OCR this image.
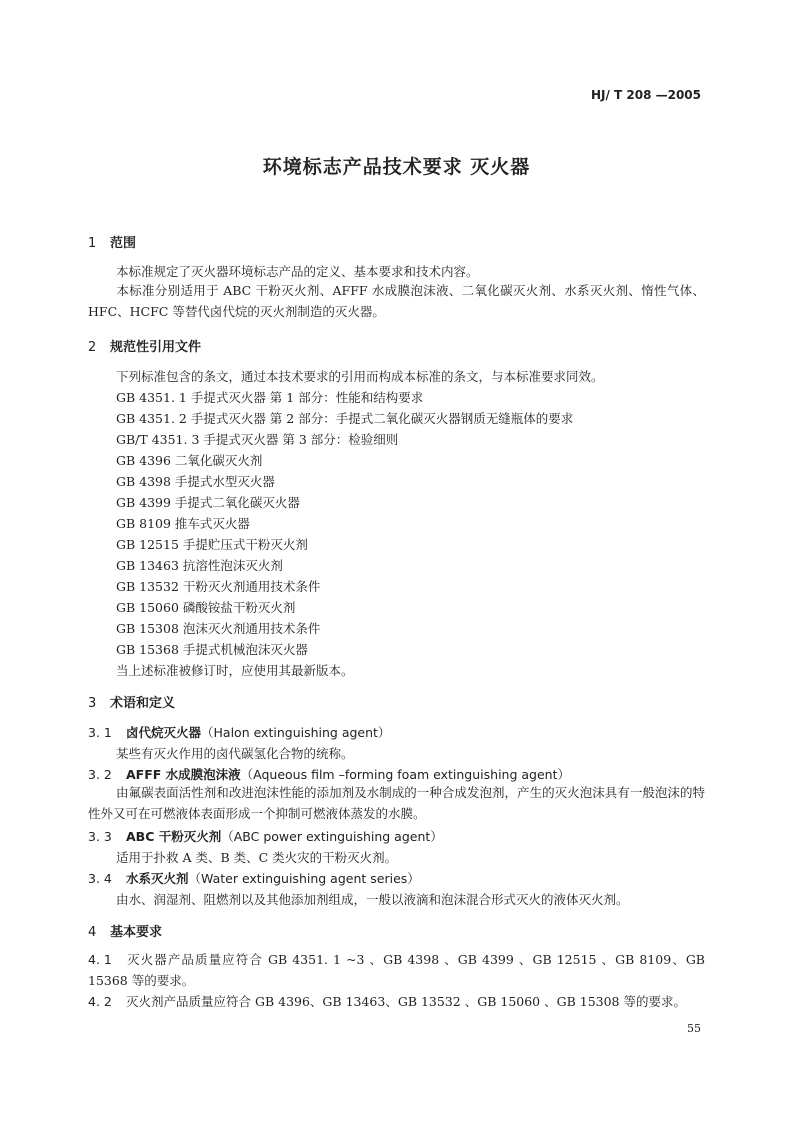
HJ/ T 208 —2005
环境标志产品技术要求 灭火器
1 范围
本标准规定了灭火器环境标志产品的定义、基本要求和技术内容。
本标准分别适用于 ABC 干粉灭火剂、AFFF 水成膜泡沫液、二氧化碳灭火剂、水系灭火剂、惰性气体、HFC、HCFC 等替代卤代烷的灭火剂制造的灭火器。
2 规范性引用文件
下列标准包含的条文，通过本技术要求的引用而构成本标准的条文，与本标准要求同效。
GB 4351. 1 手提式灭火器 第 1 部分：性能和结构要求
GB 4351. 2 手提式灭火器 第 2 部分：手提式二氧化碳灭火器钢质无缝瓶体的要求
GB/T 4351. 3 手提式灭火器 第 3 部分：检验细则
GB 4396 二氧化碳灭火剂
GB 4398 手提式水型灭火器
GB 4399 手提式二氧化碳灭火器
GB 8109 推车式灭火器
GB 12515 手提贮压式干粉灭火剂
GB 13463 抗溶性泡沫灭火剂
GB 13532 干粉灭火剂通用技术条件
GB 15060 磷酸铵盐干粉灭火剂
GB 15308 泡沫灭火剂通用技术条件
GB 15368 手提式机械泡沫灭火器
当上述标准被修订时，应使用其最新版本。
3 术语和定义
3. 1 卤代烷灭火器（Halon extinguishing agent）
某些有灭火作用的卤代碳氢化合物的统称。
3. 2 AFFF 水成膜泡沫液（Aqueous film –forming foam extinguishing agent）
由氟碳表面活性剂和改进泡沫性能的添加剂及水制成的一种合成发泡剂，产生的灭火泡沫具有一般泡沫的特性外又可在可燃液体表面形成一个抑制可燃液体蒸发的水膜。
3. 3 ABC 干粉灭火剂（ABC power extinguishing agent）
适用于扑救 A 类、B 类、C 类火灾的干粉灭火剂。
3. 4 水系灭火剂（Water extinguishing agent series）
由水、润湿剂、阻燃剂以及其他添加剂组成，一般以液滴和泡沫混合形式灭火的液体灭火剂。
4 基本要求
4. 1 灭火器产品质量应符合 GB 4351. 1 ~3 、GB 4398 、GB 4399 、GB 12515 、GB 8109、GB 15368 等的要求。
4. 2 灭火剂产品质量应符合 GB 4396、GB 13463、GB 13532 、GB 15060 、GB 15308 等的要求。
55
